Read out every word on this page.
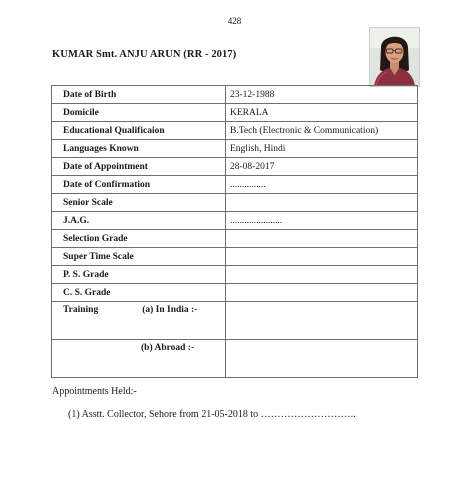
428
KUMAR Smt. ANJU ARUN (RR - 2017)
Date of Birth	23-12-1988
Domicile	KERALA
Educational Qualificaion	B.Tech (Electronic & Communication)
Languages Known	English, Hindi
Date of Appointment	28-08-2017
Date of Confirmation	...............
Senior Scale	
J.A.G.	......................
Selection Grade	
Super Time Scale	
P. S. Grade	
C. S. Grade	
Training (a) In India :-	
(b) Abroad :-	
Appointments Held:-
(1) Asstt. Collector, Sehore from 21-05-2018 to ………………………..
